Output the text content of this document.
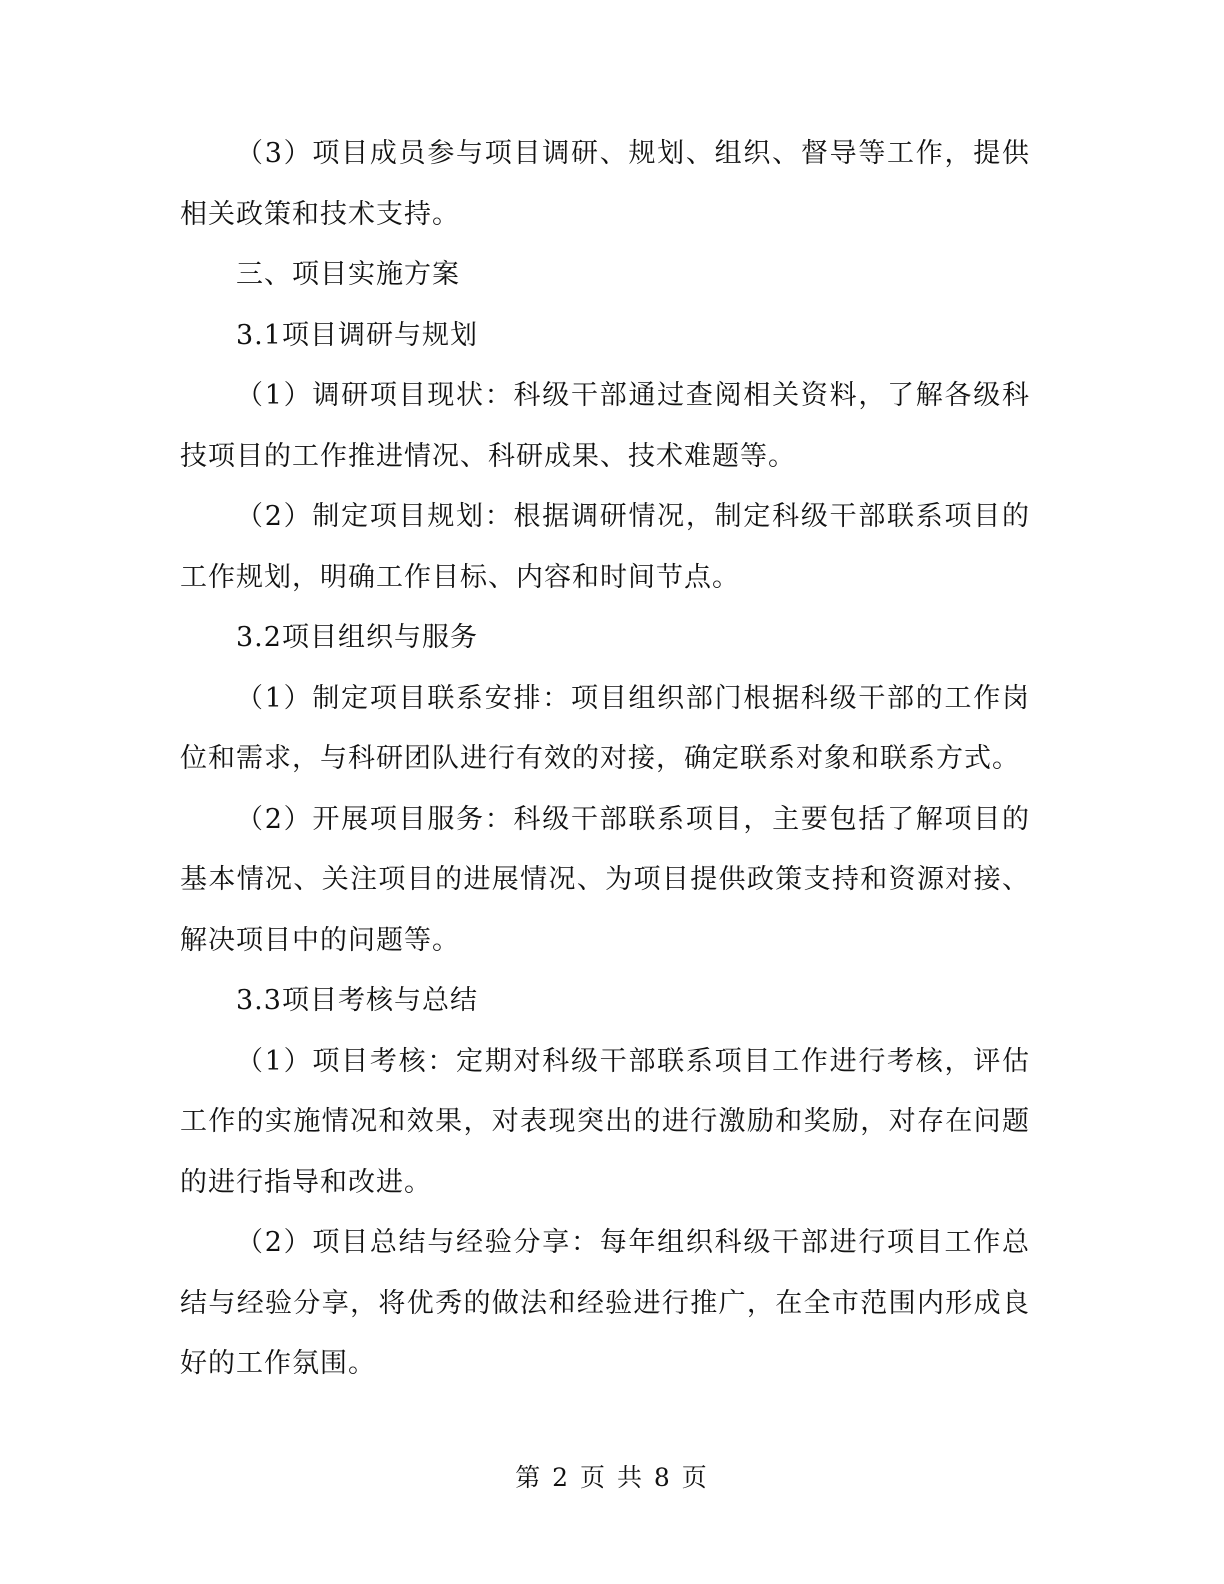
（3）项目成员参与项目调研、规划、组织、督导等工作，提供相关政策和技术支持。

三、项目实施方案

3.1项目调研与规划

（1）调研项目现状：科级干部通过查阅相关资料，了解各级科技项目的工作推进情况、科研成果、技术难题等。

（2）制定项目规划：根据调研情况，制定科级干部联系项目的工作规划，明确工作目标、内容和时间节点。

3.2项目组织与服务

（1）制定项目联系安排：项目组织部门根据科级干部的工作岗位和需求，与科研团队进行有效的对接，确定联系对象和联系方式。

（2）开展项目服务：科级干部联系项目，主要包括了解项目的基本情况、关注项目的进展情况、为项目提供政策支持和资源对接、解决项目中的问题等。

3.3项目考核与总结

（1）项目考核：定期对科级干部联系项目工作进行考核，评估工作的实施情况和效果，对表现突出的进行激励和奖励，对存在问题的进行指导和改进。

（2）项目总结与经验分享：每年组织科级干部进行项目工作总结与经验分享，将优秀的做法和经验进行推广，在全市范围内形成良好的工作氛围。

第 2 页 共 8 页
